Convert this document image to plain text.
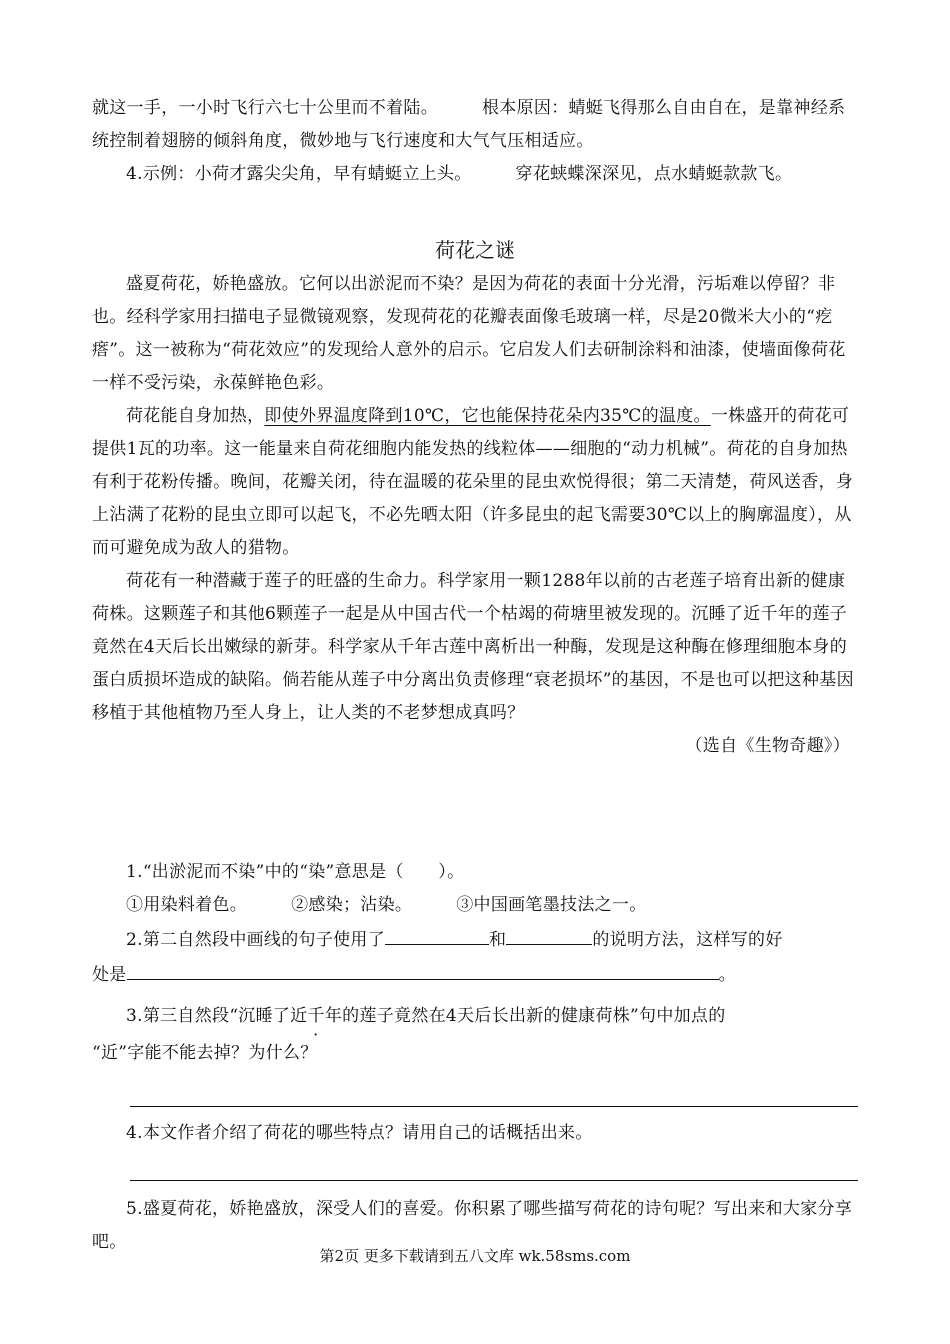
就这一手，一小时飞行六七十公里而不着陆。	根本原因：蜻蜓飞得那么自由自在，是靠神经系统控制着翅膀的倾斜角度，微妙地与飞行速度和大气气压相适应。
4.示例：小荷才露尖尖角，早有蜻蜓立上头。	穿花蛱蝶深深见，点水蜻蜓款款飞。
荷花之谜

盛夏荷花，娇艳盛放。它何以出淤泥而不染？是因为荷花的表面十分光滑，污垢难以停留？非也。经科学家用扫描电子显微镜观察，发现荷花的花瓣表面像毛玻璃一样，尽是20微米大小的“疙瘩”。这一被称为“荷花效应”的发现给人意外的启示。它启发人们去研制涂料和油漆，使墙面像荷花一样不受污染，永葆鲜艳色彩。

荷花能自身加热，即使外界温度降到10℃，它也能保持花朵内35℃的温度。一株盛开的荷花可提供1瓦的功率。这一能量来自荷花细胞内能发热的线粒体——细胞的“动力机械”。荷花的自身加热有利于花粉传播。晚间，花瓣关闭，待在温暖的花朵里的昆虫欢悦得很；第二天清楚，荷风送香，身上沾满了花粉的昆虫立即可以起飞，不必先晒太阳（许多昆虫的起飞需要30℃以上的胸廓温度），从而可避免成为敌人的猎物。

荷花有一种潜藏于莲子的旺盛的生命力。科学家用一颗1288年以前的古老莲子培育出新的健康荷株。这颗莲子和其他6颗莲子一起是从中国古代一个枯竭的荷塘里被发现的。沉睡了近千年的莲子竟然在4天后长出嫩绿的新芽。科学家从千年古莲中离析出一种酶，发现是这种酶在修理细胞本身的蛋白质损坏造成的缺陷。倘若能从莲子中分离出负责修理“衰老损坏”的基因，不是也可以把这种基因移植于其他植物乃至人身上，让人类的不老梦想成真吗？

（选自《生物奇趣》）

1.“出淤泥而不染”中的“染”意思是（　　）。

①用染料着色。	②感染；沾染。	③中国画笔墨技法之一。

2.第二自然段中画线的句子使用了	和	的说明方法，这样写的好

处是	。

3.第三自然段“沉睡了近千年的莲子竟然在4天后长出新的健康荷株”句中加点的

“近”字能不能去掉？为什么？

4.本文作者介绍了荷花的哪些特点？请用自己的话概括出来。

5.盛夏荷花，娇艳盛放，深受人们的喜爱。你积累了哪些描写荷花的诗句呢？写出来和大家分享吧。

第2页 更多下载请到五八文库 wk.58sms.com
